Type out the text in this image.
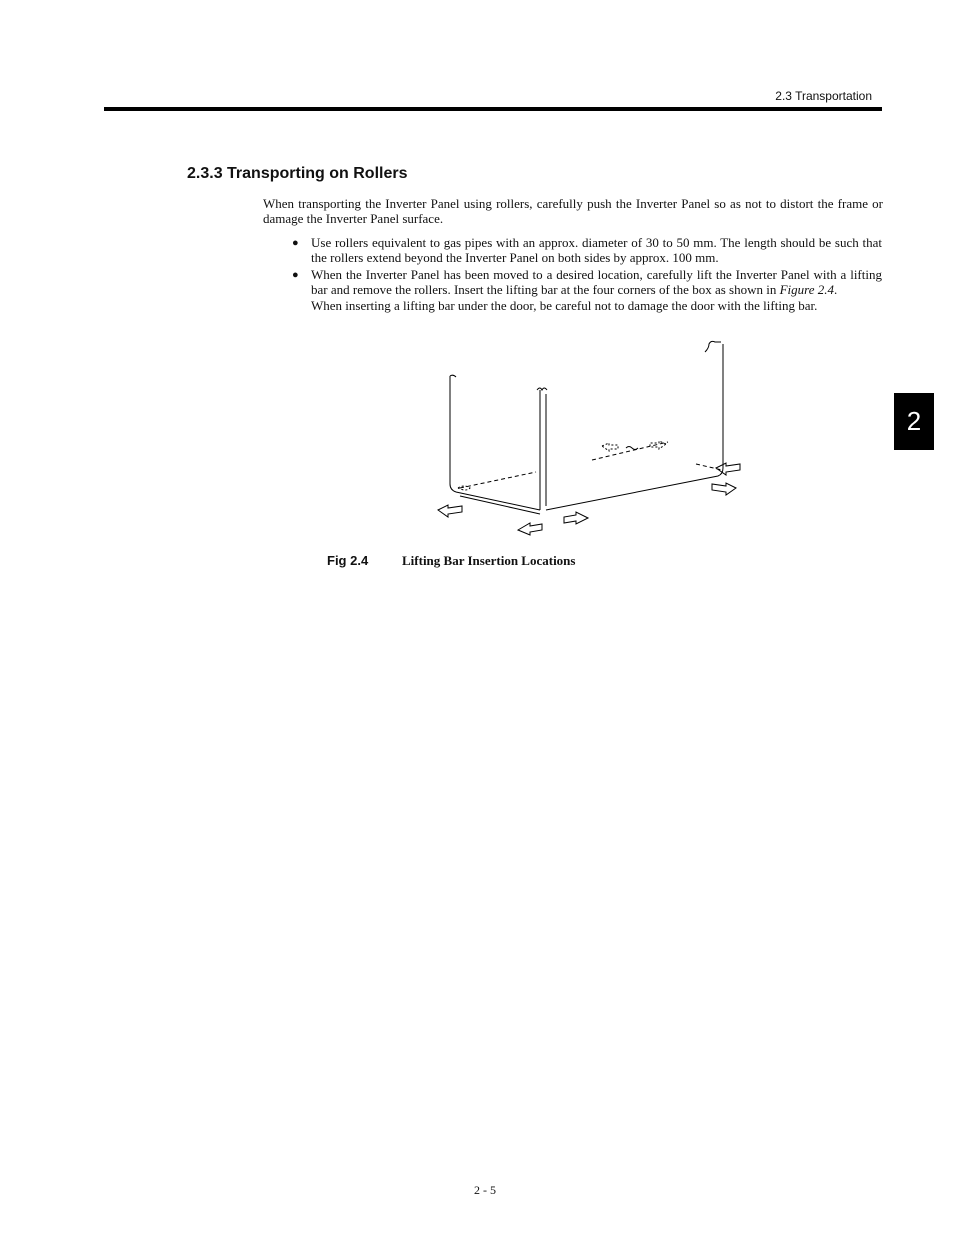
2.3 Transportation
2.3.3 Transporting on Rollers

When transporting the Inverter Panel using rollers, carefully push the Inverter Panel so as not to distort the frame or damage the Inverter Panel surface.

● Use rollers equivalent to gas pipes with an approx. diameter of 30 to 50 mm. The length should be such that the rollers extend beyond the Inverter Panel on both sides by approx. 100 mm.
● When the Inverter Panel has been moved to a desired location, carefully lift the Inverter Panel with a lifting bar and remove the rollers. Insert the lifting bar at the four corners of the box as shown in Figure 2.4.
When inserting a lifting bar under the door, be careful not to damage the door with the lifting bar.
Fig 2.4	Lifting Bar Insertion Locations
2
2 - 5
